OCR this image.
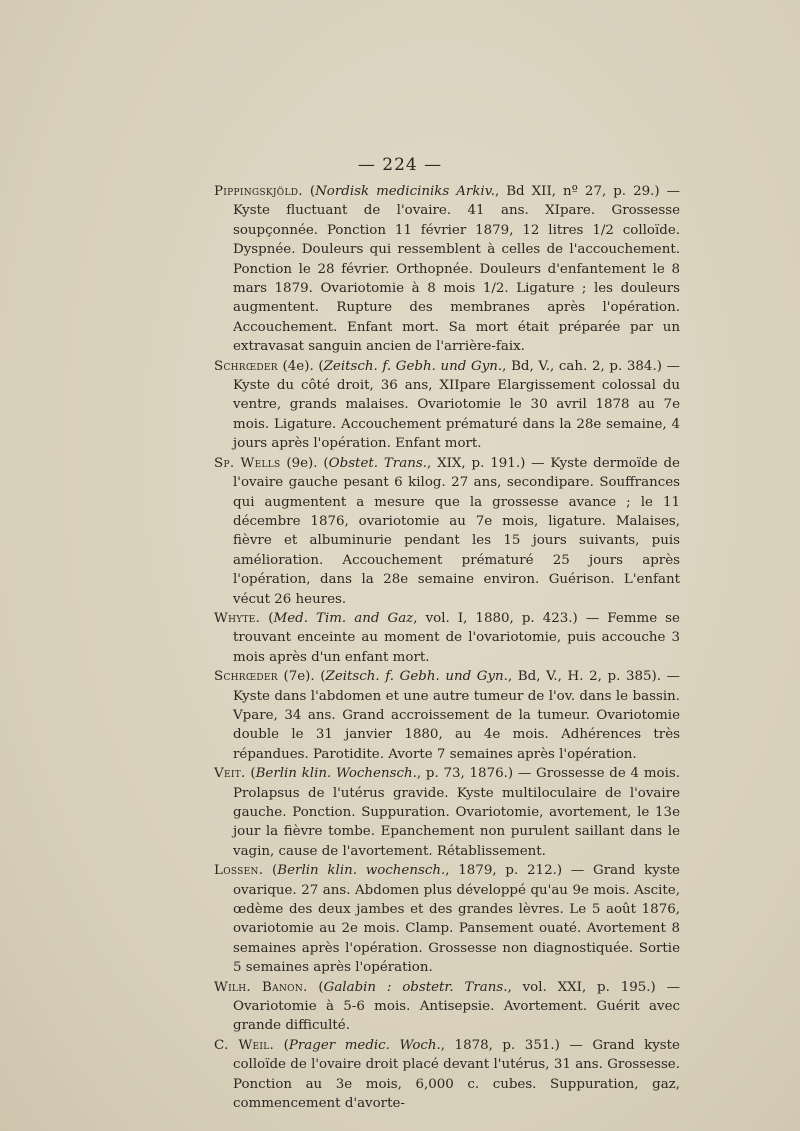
— 224 —

Pippingskjöld. (Nordisk mediciniks Arkiv., Bd XII, nº 27, p. 29.) — Kyste fluctuant de l'ovaire. 41 ans. XIpare. Grossesse soupçonnée. Ponction 11 février 1879, 12 litres 1/2 colloïde. Dyspnée. Douleurs qui ressemblent à celles de l'accouchement. Ponction le 28 février. Orthopnée. Douleurs d'enfantement le 8 mars 1879. Ovariotomie à 8 mois 1/2. Ligature ; les douleurs augmentent. Rupture des membranes après l'opération. Accouchement. Enfant mort. Sa mort était préparée par un extravasat sanguin ancien de l'arrière-faix.

Schrœder (4e). (Zeitsch. f. Gebh. und Gyn., Bd, V., cah. 2, p. 384.) — Kyste du côté droit, 36 ans, XIIpare Elargissement colossal du ventre, grands malaises. Ovariotomie le 30 avril 1878 au 7e mois. Ligature. Accouchement prématuré dans la 28e semaine, 4 jours après l'opération. Enfant mort.

Sp. Wells (9e). (Obstet. Trans., XIX, p. 191.) — Kyste dermoïde de l'ovaire gauche pesant 6 kilog. 27 ans, secondipare. Souffrances qui augmentent a mesure que la grossesse avance ; le 11 décembre 1876, ovariotomie au 7e mois, ligature. Malaises, fièvre et albuminurie pendant les 15 jours suivants, puis amélioration. Accouchement prématuré 25 jours après l'opération, dans la 28e semaine environ. Guérison. L'enfant vécut 26 heures.

Whyte. (Med. Tim. and Gaz, vol. I, 1880, p. 423.) — Femme se trouvant enceinte au moment de l'ovariotomie, puis accouche 3 mois après d'un enfant mort.

Schrœder (7e). (Zeitsch. f. Gebh. und Gyn., Bd, V., H. 2, p. 385). — Kyste dans l'abdomen et une autre tumeur de l'ov. dans le bassin. Vpare, 34 ans. Grand accroissement de la tumeur. Ovariotomie double le 31 janvier 1880, au 4e mois. Adhérences très répandues. Parotidite. Avorte 7 semaines après l'opération.

Veit. (Berlin klin. Wochensch., p. 73, 1876.) — Grossesse de 4 mois. Prolapsus de l'utérus gravide. Kyste multiloculaire de l'ovaire gauche. Ponction. Suppuration. Ovariotomie, avortement, le 13e jour la fièvre tombe. Epanchement non purulent saillant dans le vagin, cause de l'avortement. Rétablissement.

Lossen. (Berlin klin. wochensch., 1879, p. 212.) — Grand kyste ovarique. 27 ans. Abdomen plus développé qu'au 9e mois. Ascite, œdème des deux jambes et des grandes lèvres. Le 5 août 1876, ovariotomie au 2e mois. Clamp. Pansement ouaté. Avortement 8 semaines après l'opération. Grossesse non diagnostiquée. Sortie 5 semaines après l'opération.

Wilh. Banon. (Galabin : obstetr. Trans., vol. XXI, p. 195.) — Ovariotomie à 5-6 mois. Antisepsie. Avortement. Guérit avec grande difficulté.

C. Weil. (Prager medic. Woch., 1878, p. 351.) — Grand kyste colloïde de l'ovaire droit placé devant l'utérus, 31 ans. Grossesse. Ponction au 3e mois, 6,000 c. cubes. Suppuration, gaz, commencement d'avorte-
